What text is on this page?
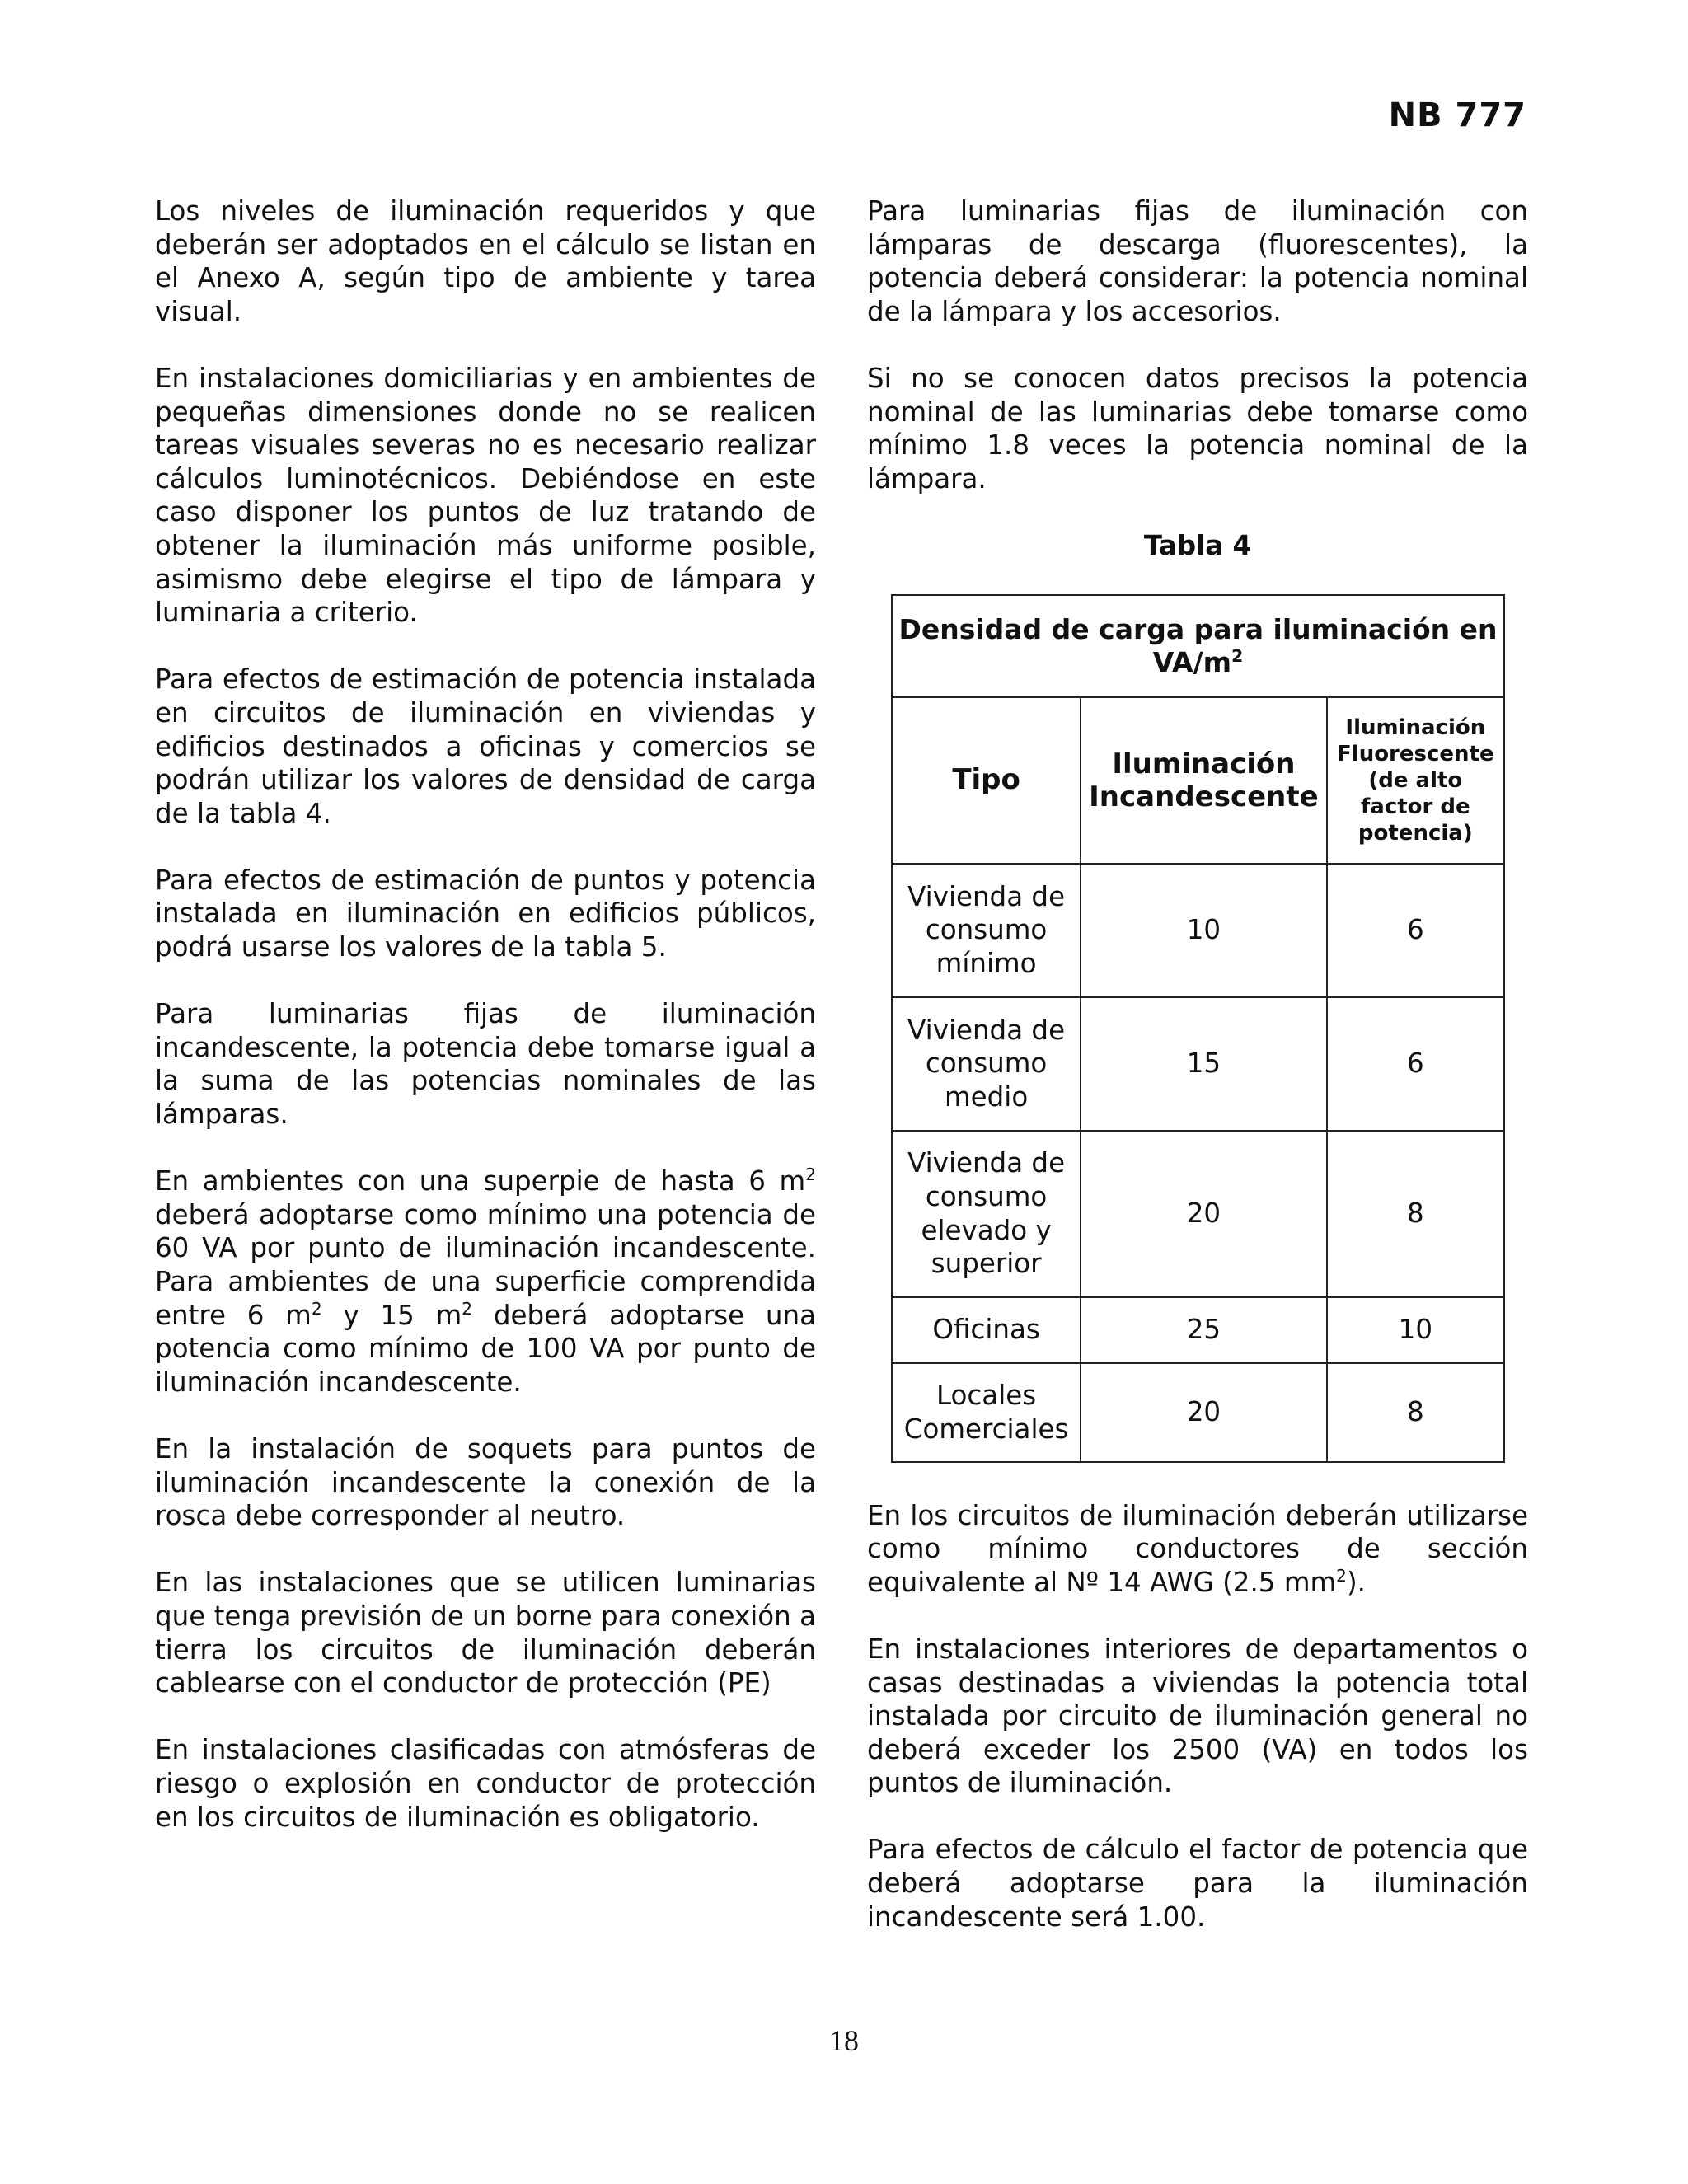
NB 777

Los niveles de iluminación requeridos y que deberán ser adoptados en el cálculo se listan en el Anexo A, según tipo de ambiente y tarea visual.

En instalaciones domiciliarias y en ambientes de pequeñas dimensiones donde no se realicen tareas visuales severas no es necesario realizar cálculos luminotécnicos. Debiéndose en este caso disponer los puntos de luz tratando de obtener la iluminación más uniforme posible, asimismo debe elegirse el tipo de lámpara y luminaria a criterio.

Para efectos de estimación de potencia instalada en circuitos de iluminación en viviendas y edificios destinados a oficinas y comercios se podrán utilizar los valores de densidad de carga de la tabla 4.

Para efectos de estimación de puntos y potencia instalada en iluminación en edificios públicos, podrá usarse los valores de la tabla 5.

Para luminarias fijas de iluminación incandescente, la potencia debe tomarse igual a la suma de las potencias nominales de las lámparas.

En ambientes con una superpie de hasta 6 $m^2$ deberá adoptarse como mínimo una potencia de 60 VA por punto de iluminación incandescente. Para ambientes de una superficie comprendida entre 6 $m^2$ y 15 $m^2$ deberá adoptarse una potencia como mínimo de 100 VA por punto de iluminación incandescente.

En la instalación de soquets para puntos de iluminación incandescente la conexión de la rosca debe corresponder al neutro.

En las instalaciones que se utilicen luminarias que tenga previsión de un borne para conexión a tierra los circuitos de iluminación deberán cablearse con el conductor de protección (PE)

En instalaciones clasificadas con atmósferas de riesgo o explosión en conductor de protección en los circuitos de iluminación es obligatorio.

Para luminarias fijas de iluminación con lámparas de descarga (fluorescentes), la potencia deberá considerar: la potencia nominal de la lámpara y los accesorios.

Si no se conocen datos precisos la potencia nominal de las luminarias debe tomarse como mínimo 1.8 veces la potencia nominal de la lámpara.

Tabla 4
Densidad de carga para iluminación en $VA/m^2$
Tipo	Iluminación Incandescente	Iluminación Fluorescente (de alto factor de potencia)
Vivienda de consumo mínimo	10	6
Vivienda de consumo medio	15	6
Vivienda de consumo elevado y superior	20	8
Oficinas	25	10
Locales Comerciales	20	8

En los circuitos de iluminación deberán utilizarse como mínimo conductores de sección equivalente al Nº 14 AWG (2.5 $mm^2$).

En instalaciones interiores de departamentos o casas destinadas a viviendas la potencia total instalada por circuito de iluminación general no deberá exceder los 2500 (VA) en todos los puntos de iluminación.

Para efectos de cálculo el factor de potencia que deberá adoptarse para la iluminación incandescente será 1.00.

18
